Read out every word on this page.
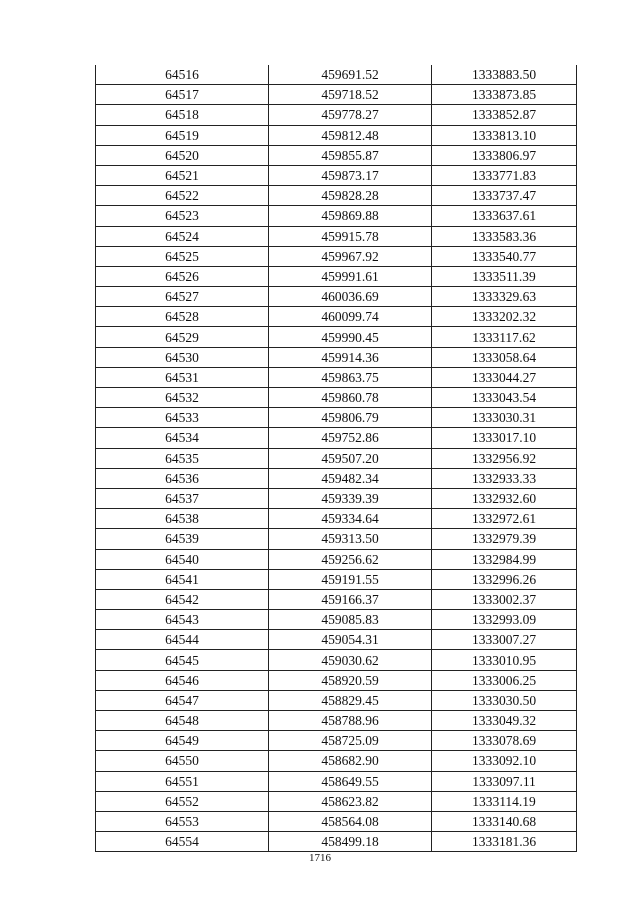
64516	459691.52	1333883.50
64517	459718.52	1333873.85
64518	459778.27	1333852.87
64519	459812.48	1333813.10
64520	459855.87	1333806.97
64521	459873.17	1333771.83
64522	459828.28	1333737.47
64523	459869.88	1333637.61
64524	459915.78	1333583.36
64525	459967.92	1333540.77
64526	459991.61	1333511.39
64527	460036.69	1333329.63
64528	460099.74	1333202.32
64529	459990.45	1333117.62
64530	459914.36	1333058.64
64531	459863.75	1333044.27
64532	459860.78	1333043.54
64533	459806.79	1333030.31
64534	459752.86	1333017.10
64535	459507.20	1332956.92
64536	459482.34	1332933.33
64537	459339.39	1332932.60
64538	459334.64	1332972.61
64539	459313.50	1332979.39
64540	459256.62	1332984.99
64541	459191.55	1332996.26
64542	459166.37	1333002.37
64543	459085.83	1332993.09
64544	459054.31	1333007.27
64545	459030.62	1333010.95
64546	458920.59	1333006.25
64547	458829.45	1333030.50
64548	458788.96	1333049.32
64549	458725.09	1333078.69
64550	458682.90	1333092.10
64551	458649.55	1333097.11
64552	458623.82	1333114.19
64553	458564.08	1333140.68
64554	458499.18	1333181.36
1716
